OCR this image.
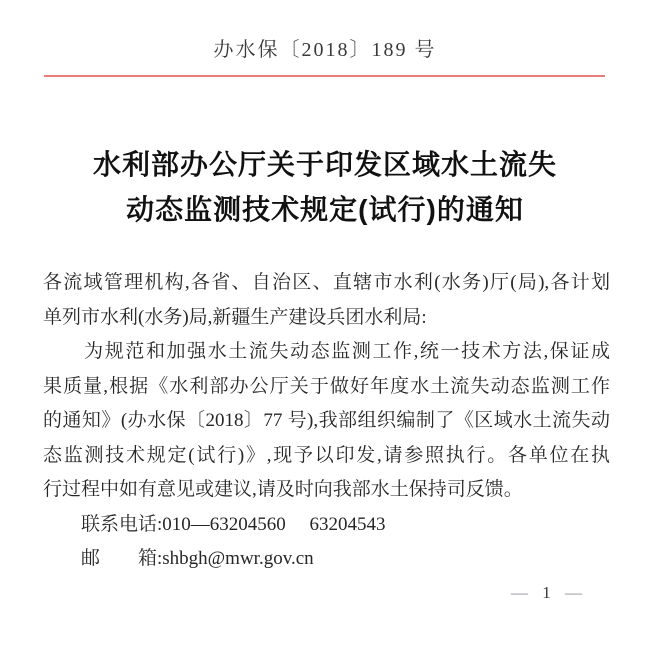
办水保〔2018〕189 号
水利部办公厅关于印发区域水土流失
动态监测技术规定(试行)的通知
各流域管理机构,各省、自治区、直辖市水利(水务)厅(局),各计划
单列市水利(水务)局,新疆生产建设兵团水利局:
　　为规范和加强水土流失动态监测工作,统一技术方法,保证成
果质量,根据《水利部办公厅关于做好年度水土流失动态监测工作
的通知》(办水保〔2018〕77 号),我部组织编制了《区域水土流失动
态监测技术规定(试行)》,现予以印发,请参照执行。各单位在执
行过程中如有意见或建议,请及时向我部水土保持司反馈。
　　联系电话:010—63204560　 63204543
　　邮　　箱:shbgh@mwr.gov.cn
— 1 —
